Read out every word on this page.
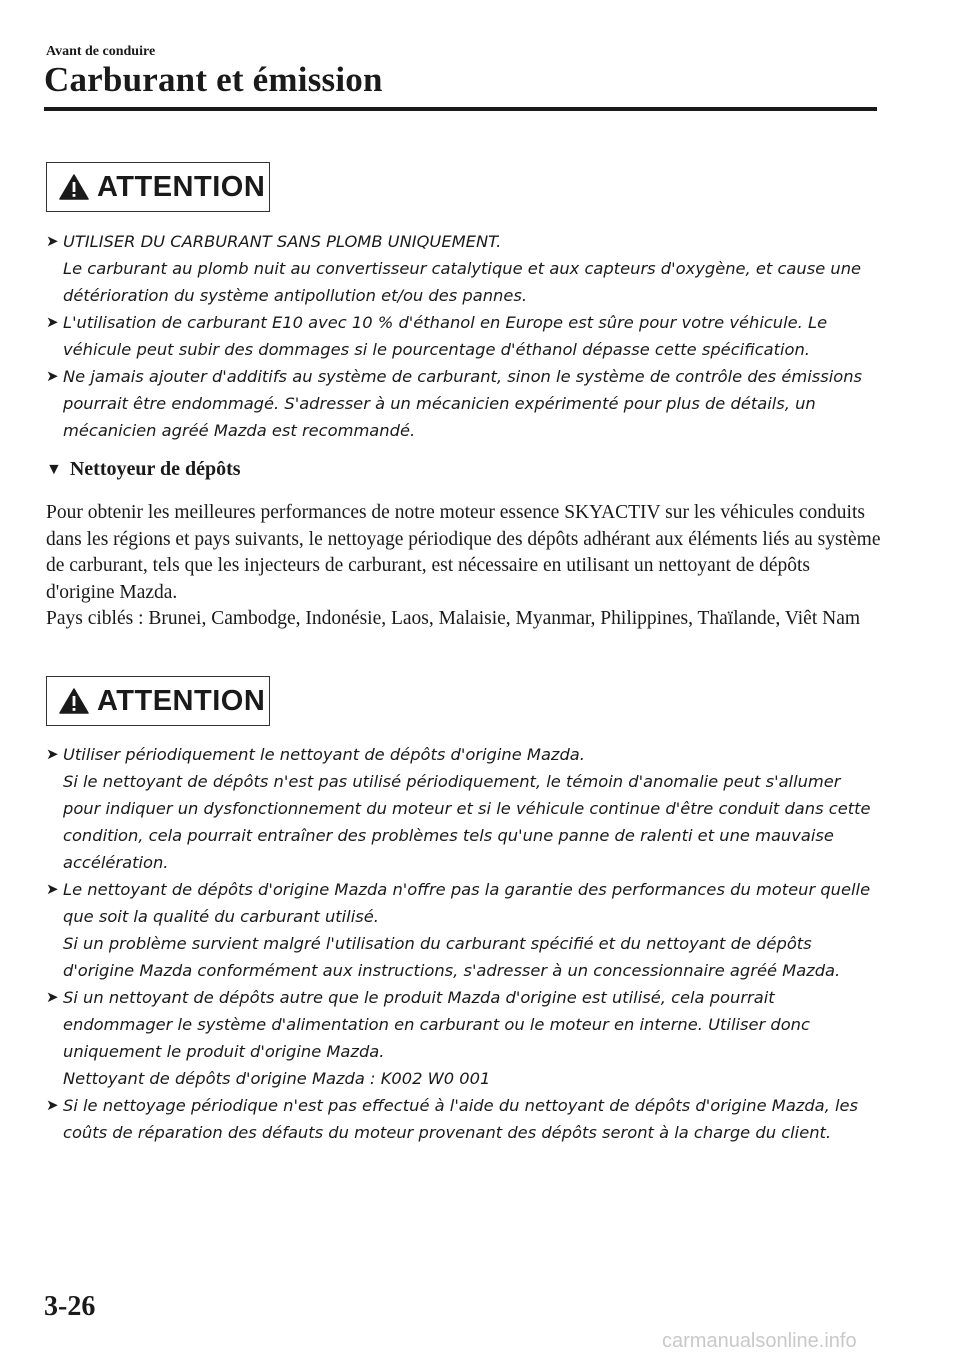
Avant de conduire
Carburant et émission
ATTENTION
➤ UTILISER DU CARBURANT SANS PLOMB UNIQUEMENT.
Le carburant au plomb nuit au convertisseur catalytique et aux capteurs d'oxygène, et cause une détérioration du système antipollution et/ou des pannes.
➤ L'utilisation de carburant E10 avec 10 % d'éthanol en Europe est sûre pour votre véhicule. Le véhicule peut subir des dommages si le pourcentage d'éthanol dépasse cette spécification.
➤ Ne jamais ajouter d'additifs au système de carburant, sinon le système de contrôle des émissions pourrait être endommagé. S'adresser à un mécanicien expérimenté pour plus de détails, un mécanicien agréé Mazda est recommandé.
▼ Nettoyeur de dépôts

Pour obtenir les meilleures performances de notre moteur essence SKYACTIV sur les véhicules conduits dans les régions et pays suivants, le nettoyage périodique des dépôts adhérant aux éléments liés au système de carburant, tels que les injecteurs de carburant, est nécessaire en utilisant un nettoyant de dépôts d'origine Mazda.

Pays ciblés : Brunei, Cambodge, Indonésie, Laos, Malaisie, Myanmar, Philippines, Thaïlande, Viêt Nam

ATTENTION
➤ Utiliser périodiquement le nettoyant de dépôts d'origine Mazda.
Si le nettoyant de dépôts n'est pas utilisé périodiquement, le témoin d'anomalie peut s'allumer pour indiquer un dysfonctionnement du moteur et si le véhicule continue d'être conduit dans cette condition, cela pourrait entraîner des problèmes tels qu'une panne de ralenti et une mauvaise accélération.
➤ Le nettoyant de dépôts d'origine Mazda n'offre pas la garantie des performances du moteur quelle que soit la qualité du carburant utilisé.
Si un problème survient malgré l'utilisation du carburant spécifié et du nettoyant de dépôts d'origine Mazda conformément aux instructions, s'adresser à un concessionnaire agréé Mazda.
➤ Si un nettoyant de dépôts autre que le produit Mazda d'origine est utilisé, cela pourrait endommager le système d'alimentation en carburant ou le moteur en interne. Utiliser donc uniquement le produit d'origine Mazda.
Nettoyant de dépôts d'origine Mazda : K002 W0 001
➤ Si le nettoyage périodique n'est pas effectué à l'aide du nettoyant de dépôts d'origine Mazda, les coûts de réparation des défauts du moteur provenant des dépôts seront à la charge du client.
3-26
carmanualsonline.info
